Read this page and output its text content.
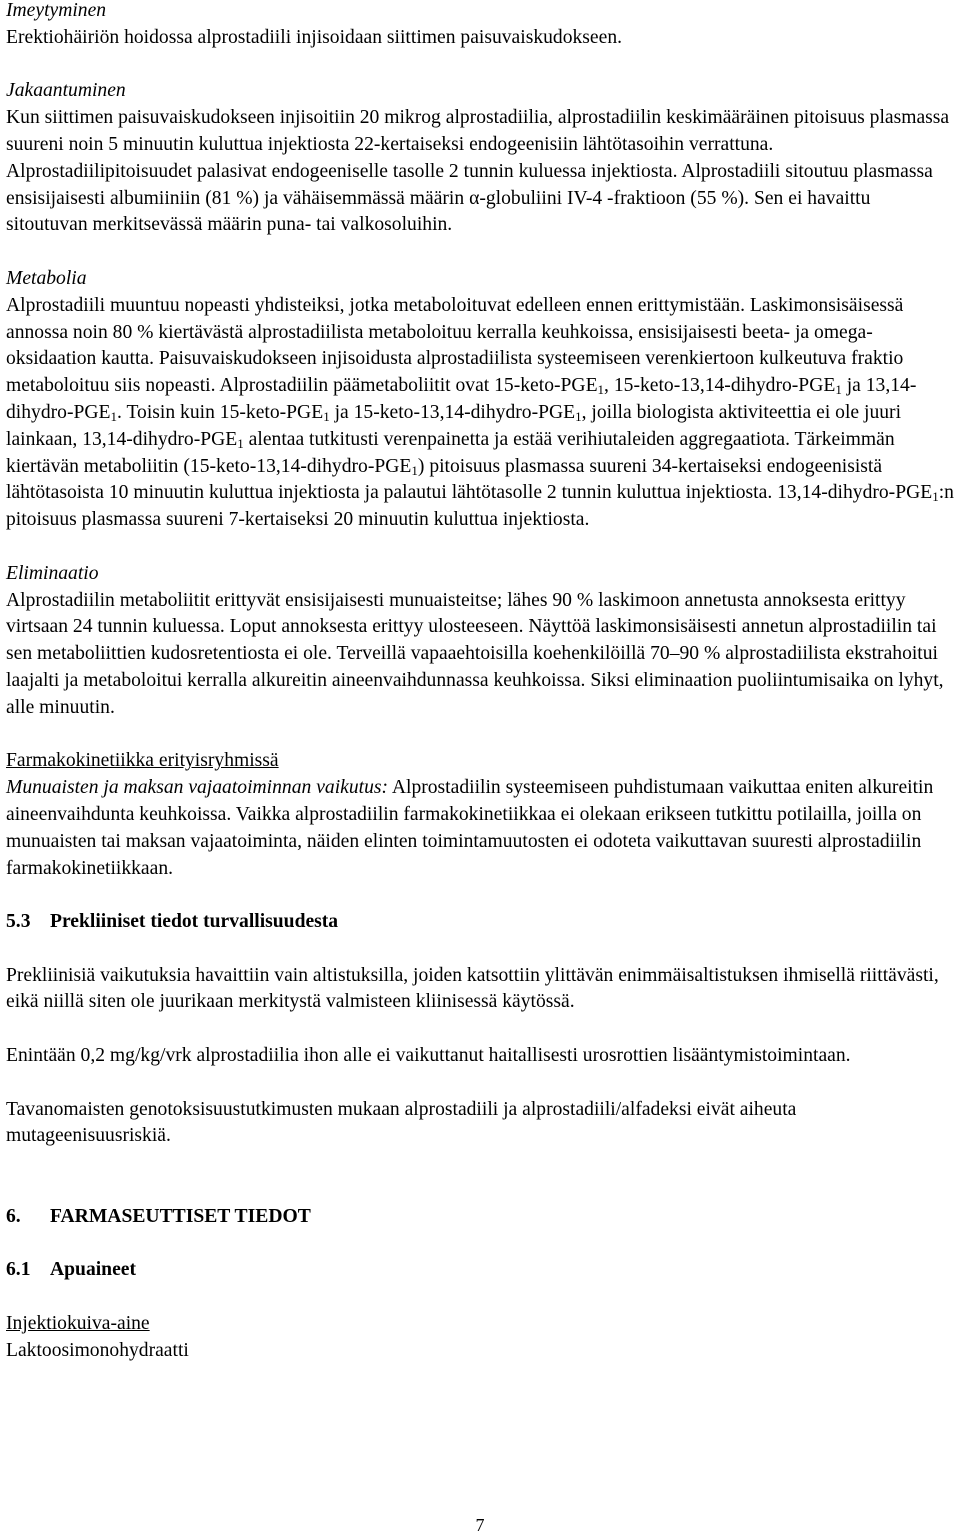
Imeytyminen

Erektiohäiriön hoidossa alprostadiili injisoidaan siittimen paisuvaiskudokseen.

Jakaantuminen

Kun siittimen paisuvaiskudokseen injisoitiin 20 mikrog alprostadiilia, alprostadiilin keskimääräinen pitoisuus plasmassa suureni noin 5 minuutin kuluttua injektiosta 22-kertaiseksi endogeenisiin lähtötasoihin verrattuna. Alprostadiilipitoisuudet palasivat endogeeniselle tasolle 2 tunnin kuluessa injektiosta. Alprostadiili sitoutuu plasmassa ensisijaisesti albumiiniin (81 %) ja vähäisemmässä määrin α-globuliini IV-4 -fraktioon (55 %). Sen ei havaittu sitoutuvan merkitsevässä määrin puna- tai valkosoluihin.

Metabolia

Alprostadiili muuntuu nopeasti yhdisteiksi, jotka metaboloituvat edelleen ennen erittymistään. Laskimonsisäisessä annossa noin 80 % kiertävästä alprostadiilista metaboloituu kerralla keuhkoissa, ensisijaisesti beeta- ja omega-oksidaation kautta. Paisuvaiskudokseen injisoidusta alprostadiilista systeemiseen verenkiertoon kulkeutuva fraktio metaboloituu siis nopeasti. Alprostadiilin päämetaboliitit ovat $15-keto-PGE_1$, $15-keto-13,14-dihydro-PGE_1$ ja $13,14-dihydro-PGE_1$. Toisin kuin $15-keto-PGE_1$ ja $15-keto-13,14-dihydro-PGE_1$, joilla biologista aktiviteettia ei ole juuri lainkaan, $13,14-dihydro-PGE_1$ alentaa tutkitusti verenpainetta ja estää verihiutaleiden aggregaatiota. Tärkeimmän kiertävän metaboliitin $(15-keto-13,14-dihydro-PGE_1)$ pitoisuus plasmassa suureni 34-kertaiseksi endogeenisistä lähtötasoista 10 minuutin kuluttua injektiosta ja palautui lähtötasolle 2 tunnin kuluttua injektiosta. $13,14-dihydro-PGE_1:n$ pitoisuus plasmassa suureni 7-kertaiseksi 20 minuutin kuluttua injektiosta.

Eliminaatio

Alprostadiilin metaboliitit erittyvät ensisijaisesti munuaisteitse; lähes 90 % laskimoon annetusta annoksesta erittyy virtsaan 24 tunnin kuluessa. Loput annoksesta erittyy ulosteeseen. Näyttöä laskimonsisäisesti annetun alprostadiilin tai sen metaboliittien kudosretentiosta ei ole. Terveillä vapaaehtoisilla koehenkilöillä 70–90 % alprostadiilista ekstrahoitui laajalti ja metaboloitui kerralla alkureitin aineenvaihdunnassa keuhkoissa. Siksi eliminaation puoliintumisaika on lyhyt, alle minuutin.

Farmakokinetiikka erityisryhmissä

Munuaisten ja maksan vajaatoiminnan vaikutus: Alprostadiilin systeemiseen puhdistumaan vaikuttaa eniten alkureitin aineenvaihdunta keuhkoissa. Vaikka alprostadiilin farmakokinetiikkaa ei olekaan erikseen tutkittu potilailla, joilla on munuaisten tai maksan vajaatoiminta, näiden elinten toimintamuutosten ei odoteta vaikuttavan suuresti alprostadiilin farmakokinetiikkaan.

5.3 Prekliiniset tiedot turvallisuudesta

Prekliinisiä vaikutuksia havaittiin vain altistuksilla, joiden katsottiin ylittävän enimmäisaltistuksen ihmisellä riittävästi, eikä niillä siten ole juurikaan merkitystä valmisteen kliinisessä käytössä.

Enintään 0,2 mg/kg/vrk alprostadiilia ihon alle ei vaikuttanut haitallisesti urosrottien lisääntymistoimintaan.

Tavanomaisten genotoksisuustutkimusten mukaan alprostadiili ja alprostadiili/alfadeksi eivät aiheuta mutageenisuusriskiä.

6. FARMASEUTTISET TIEDOT

6.1 Apuaineet

Injektiokuiva-aine

Laktoosimonohydraatti

7
